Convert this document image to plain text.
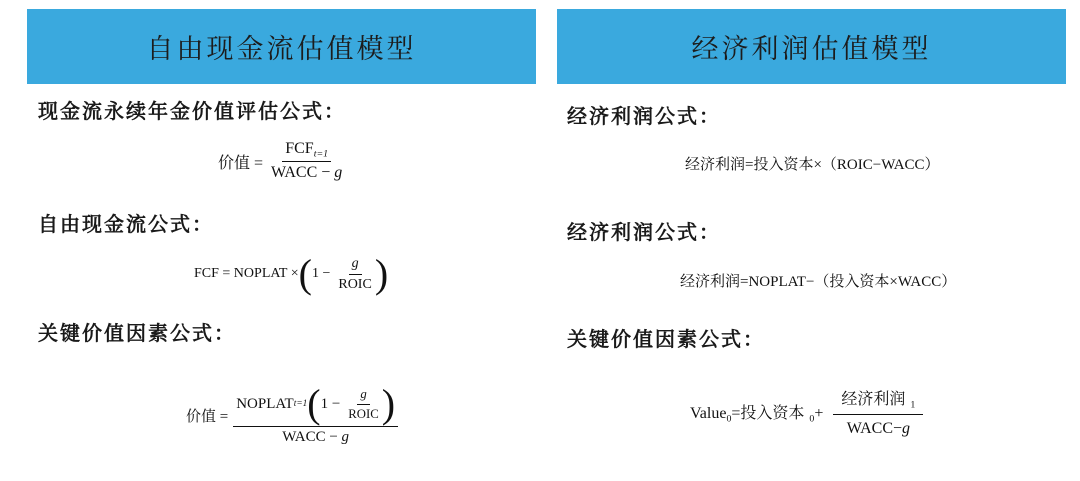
自由现金流估值模型	经济利润估值模型
现金流永续年金价值评估公式：
价值 = $\frac{FCF_{t=1}}{\text{WACC − g}}$
自由现金流公式：
FCF = NOPLAT × ( $1 - \frac{g}{\text{ROIC}}$ )
关键价值因素公式：
价值 =
NOPLAT t=1 ( $1 - \frac{g}{\text{ROIC}}$ )
WACC − g
经济利润公式：
经济利润=投入资本×（ROIC−WACC）
经济利润公式：
经济利润=NOPLAT−（投入资本×WACC）
关键价值因素公式：
Value$_0$=投入资本 $_0+ \frac{经济利润 _1}{\text{WACC−g}}$
